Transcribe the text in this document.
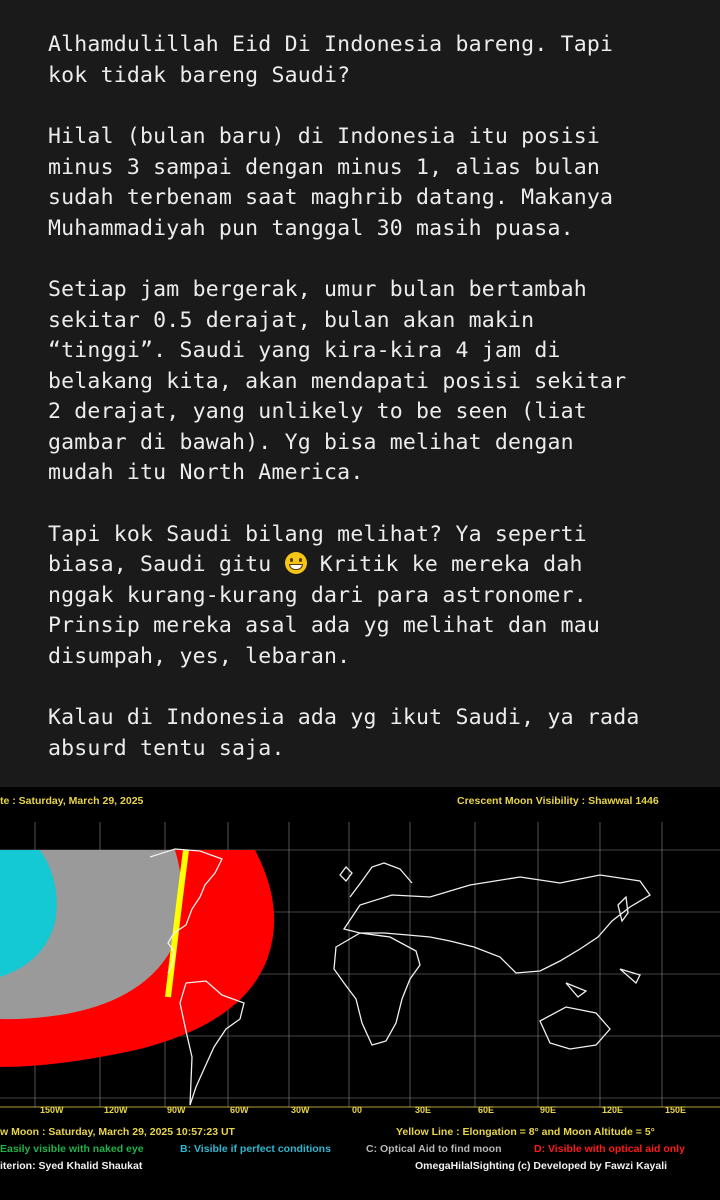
Alhamdulillah Eid Di Indonesia bareng. Tapi
kok tidak bareng Saudi?

Hilal (bulan baru) di Indonesia itu posisi
minus 3 sampai dengan minus 1, alias bulan
sudah terbenam saat maghrib datang. Makanya
Muhammadiyah pun tanggal 30 masih puasa.

Setiap jam bergerak, umur bulan bertambah
sekitar 0.5 derajat, bulan akan makin
“tinggi”. Saudi yang kira-kira 4 jam di
belakang kita, akan mendapati posisi sekitar
2 derajat, yang unlikely to be seen (liat
gambar di bawah). Yg bisa melihat dengan
mudah itu North America.

Tapi kok Saudi bilang melihat? Ya seperti
biasa, Saudi gitu  Kritik ke mereka dah
nggak kurang-kurang dari para astronomer.
Prinsip mereka asal ada yg melihat dan mau
disumpah, yes, lebaran.

Kalau di Indonesia ada yg ikut Saudi, ya rada
absurd tentu saja.

te : Saturday, March 29, 2025	Crescent Moon Visibility : Shawwal 1446
150W	120W	90W	60W	30W	00	30E	60E	90E	120E	150E
w Moon : Saturday, March 29, 2025 10:57:23 UT	Yellow Line : Elongation = 8° and Moon Altitude = 5°
Easily visible with naked eye	B: Visible if perfect conditions	C: Optical Aid to find moon	D: Visible with optical aid only
iterion: Syed Khalid Shaukat	OmegaHilalSighting (c) Developed by Fawzi Kayali
